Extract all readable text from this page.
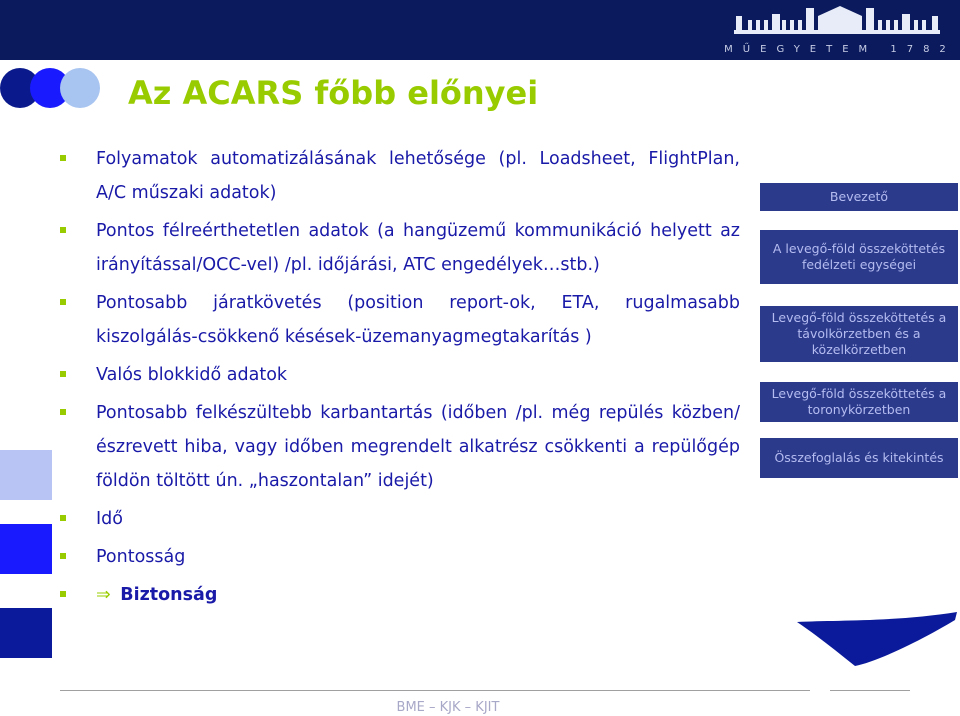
MŰEGYETEM 1782
Az ACARS főbb előnyei
Folyamatok automatizálásának lehetősége (pl. Loadsheet, FlightPlan, A/C műszaki adatok)
Pontos félreérthetetlen adatok (a hangüzemű kommunikáció helyett az irányítással/OCC-vel) /pl. időjárási, ATC engedélyek…stb.)
Pontosabb járatkövetés (position report-ok, ETA, rugalmasabb kiszolgálás-csökkenő késések-üzemanyagmegtakarítás )
Valós blokkidő adatok
Pontosabb felkészültebb karbantartás (időben /pl. még repülés közben/ észrevett hiba, vagy időben megrendelt alkatrész csökkenti a repülőgép földön töltött ún. „haszontalan” idejét)
Idő
Pontosság
⇒ Biztonság
Bevezető
A levegő-föld összeköttetés fedélzeti egységei
Levegő-föld összeköttetés a távolkörzetben és a közelkörzetben
Levegő-föld összeköttetés a toronykörzetben
Összefoglalás és kitekintés
BME – KJK – KJIT
